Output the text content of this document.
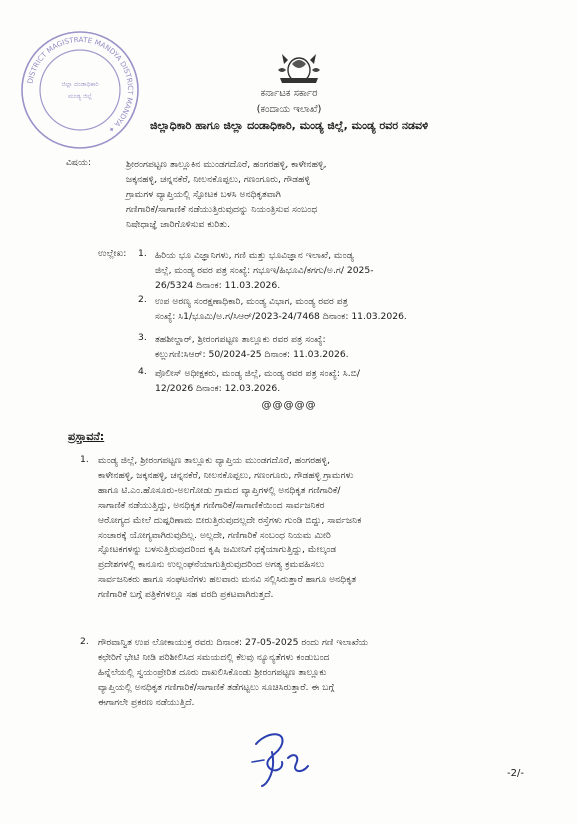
DISTRICT MAGISTRATE MANDYA DISTRICT MANDYA ✦
ಜಿಲ್ಲಾ ದಂಡಾಧಿಕಾರಿ
ಮಂಡ್ಯ ಜಿಲ್ಲೆ	ಕರ್ನಾಟಕ ಸರ್ಕಾರ
(ಕಂದಾಯ ಇಲಾಖೆ)
ಜಿಲ್ಲಾಧಿಕಾರಿ ಹಾಗೂ ಜಿಲ್ಲಾ ದಂಡಾಧಿಕಾರಿ, ಮಂಡ್ಯ ಜಿಲ್ಲೆ, ಮಂಡ್ಯ ರವರ ನಡವಳಿ
ವಿಷಯ:	ಶ್ರೀರಂಗಪಟ್ಟಣ ತಾಲ್ಲೂಕಿನ ಮುಂಡಗದೊರೆ, ಹಂಗರಹಳ್ಳಿ, ಕಾಳೇನಹಳ್ಳಿ,
ಜಕ್ಕನಹಳ್ಳಿ, ಚನ್ನನಕೆರೆ, ನೀಲನಕೊಪ್ಪಲು, ಗಣಂಗೂರು, ಗೌಡಹಳ್ಳಿ
ಗ್ರಾಮಗಳ ವ್ಯಾಪ್ತಿಯಲ್ಲಿ ಸ್ಫೋಟಕ ಬಳಸಿ ಅನಧಿಕೃತವಾಗಿ
ಗಣಿಗಾರಿಕೆ/ಸಾಗಾಣಿಕೆ ನಡೆಯುತ್ತಿರುವುದನ್ನು ನಿಯಂತ್ರಿಸುವ ಸಂಬಂಧ
ನಿಷೇಧಾಜ್ಞೆ ಜಾರಿಗೊಳಿಸುವ ಕುರಿತು.
ಉಲ್ಲೇಖ: 1. ಹಿರಿಯ ಭೂ ವಿಜ್ಞಾನಿಗಳು, ಗಣಿ ಮತ್ತು ಭೂವಿಜ್ಞಾನ ಇಲಾಖೆ, ಮಂಡ್ಯ
ಜಿಲ್ಲೆ, ಮಂಡ್ಯ ರವರ ಪತ್ರ ಸಂಖ್ಯೆ: ಗಭೂಇ/ಹಿಭೂವಿ/ಕಗಗು/ಅ.ಗ/ 2025-
26/5324 ದಿನಾಂಕ: 11.03.2026.
2. ಉಪ ಅರಣ್ಯ ಸಂರಕ್ಷಣಾಧಿಕಾರಿ, ಮಂಡ್ಯ ವಿಭಾಗ, ಮಂಡ್ಯ ರವರ ಪತ್ರ
ಸಂಖ್ಯೆ: ಸಿ1/ಭೂಮಿ/ಅ.ಗ/ಸಿಆರ್/2023-24/7468 ದಿನಾಂಕ: 11.03.2026.
3. ತಹಶೀಲ್ದಾರ್, ಶ್ರೀರಂಗಪಟ್ಟಣ ತಾಲ್ಲೂಕು ರವರ ಪತ್ರ ಸಂಖ್ಯೆ:
ಕಲ್ಲುಗಣಿ:ಸಿಆರ್: 50/2024-25 ದಿನಾಂಕ: 11.03.2026.
4. ಪೊಲೀಸ್ ಅಧೀಕ್ಷಕರು, ಮಂಡ್ಯ ಜಿಲ್ಲೆ, ಮಂಡ್ಯ ರವರ ಪತ್ರ ಸಂಖ್ಯೆ: ಸಿ.ಬಿ/
12/2026 ದಿನಾಂಕ: 12.03.2026.
@@@@@
ಪ್ರಸ್ತಾವನೆ:
1. ಮಂಡ್ಯ ಜಿಲ್ಲೆ, ಶ್ರೀರಂಗಪಟ್ಟಣ ತಾಲ್ಲೂಕು ವ್ಯಾಪ್ತಿಯ ಮುಂಡಗದೊರೆ, ಹಂಗರಹಳ್ಳಿ,
ಕಾಳೇನಹಳ್ಳಿ, ಜಕ್ಕನಹಳ್ಳಿ, ಚನ್ನನಕೆರೆ, ನೀಲನಕೊಪ್ಪಲು, ಗಣಂಗೂರು, ಗೌಡಹಳ್ಳಿ ಗ್ರಾಮಗಳು
ಹಾಗೂ ಟಿ.ಎಂ.ಹೊಸೂರು-ಅಲಗೋಡು ಗ್ರಾಮದ ವ್ಯಾಪ್ತಿಗಳಲ್ಲಿ ಅನಧಿಕೃತ ಗಣಿಗಾರಿಕೆ/
ಸಾಗಾಣಿಕೆ ನಡೆಯುತ್ತಿದ್ದು, ಅನಧಿಕೃತ ಗಣಿಗಾರಿಕೆ/ಸಾಗಾಣಿಕೆಯಿಂದ ಸಾರ್ವಜನಿಕರ
ಆರೋಗ್ಯದ ಮೇಲೆ ದುಷ್ಪರಿಣಾಮ ಬೀರುತ್ತಿರುವುದಲ್ಲದೇ ರಸ್ತೆಗಳು ಗುಂಡಿ ಬಿದ್ದು, ಸಾರ್ವಜನಿಕ
ಸಂಚಾರಕ್ಕೆ ಯೋಗ್ಯವಾಗಿರುವುದಿಲ್ಲ. ಅಲ್ಲದೇ, ಗಣಿಗಾರಿಕೆ ಸಂಬಂಧ ನಿಯಮ ಮೀರಿ
ಸ್ಫೋಟಕಗಳನ್ನು ಬಳಸುತ್ತಿರುವುದರಿಂದ ಕೃಷಿ ಜಮೀನಿಗೆ ಧಕ್ಕೆಯಾಗುತ್ತಿದ್ದು, ಮೇಲ್ಕಂಡ
ಪ್ರದೇಶಗಳಲ್ಲಿ ಕಾನೂನು ಉಲ್ಲಂಘನೆಯಾಗುತ್ತಿರುವುದರಿಂದ ಅಗತ್ಯ ಕ್ರಮವಹಿಸಲು
ಸಾರ್ವಜನಿಕರು ಹಾಗೂ ಸಂಘಟನೆಗಳು ಹಲವಾರು ಮನವಿ ಸಲ್ಲಿಸಿರುತ್ತಾರೆ ಹಾಗೂ ಅನಧಿಕೃತ
ಗಣಿಗಾರಿಕೆ ಬಗ್ಗೆ ಪತ್ರಿಕೆಗಳಲ್ಲೂ ಸಹ ವರದಿ ಪ್ರಕಟವಾಗಿರುತ್ತದೆ.
2. ಗೌರವಾನ್ವಿತ ಉಪ ಲೋಕಾಯುಕ್ತ ರವರು ದಿನಾಂಕ: 27-05-2025 ರಂದು ಗಣಿ ಇಲಾಖೆಯ
ಕಛೇರಿಗೆ ಭೇಟಿ ನೀಡಿ ಪರಿಶೀಲಿಸಿದ ಸಮಯದಲ್ಲಿ ಕೆಲವು ನ್ಯೂನ್ಯತೆಗಳು ಕಂಡುಬಂದ
ಹಿನ್ನೆಲೆಯಲ್ಲಿ ಸ್ವಯಂಪ್ರೇರಿತ ದೂರು ದಾಖಲಿಸಿಕೊಂಡು ಶ್ರೀರಂಗಪಟ್ಟಣ ತಾಲ್ಲೂಕು
ವ್ಯಾಪ್ತಿಯಲ್ಲಿ ಅನಧಿಕೃತ ಗಣಿಗಾರಿಕೆ/ಸಾಗಾಣಿಕೆ ತಡೆಗಟ್ಟಲು ಸೂಚಿಸಿರುತ್ತಾರೆ. ಈ ಬಗ್ಗೆ
ಈಗಾಗಲೇ ಪ್ರಕರಣ ನಡೆಯುತ್ತಿದೆ.
-2/-
